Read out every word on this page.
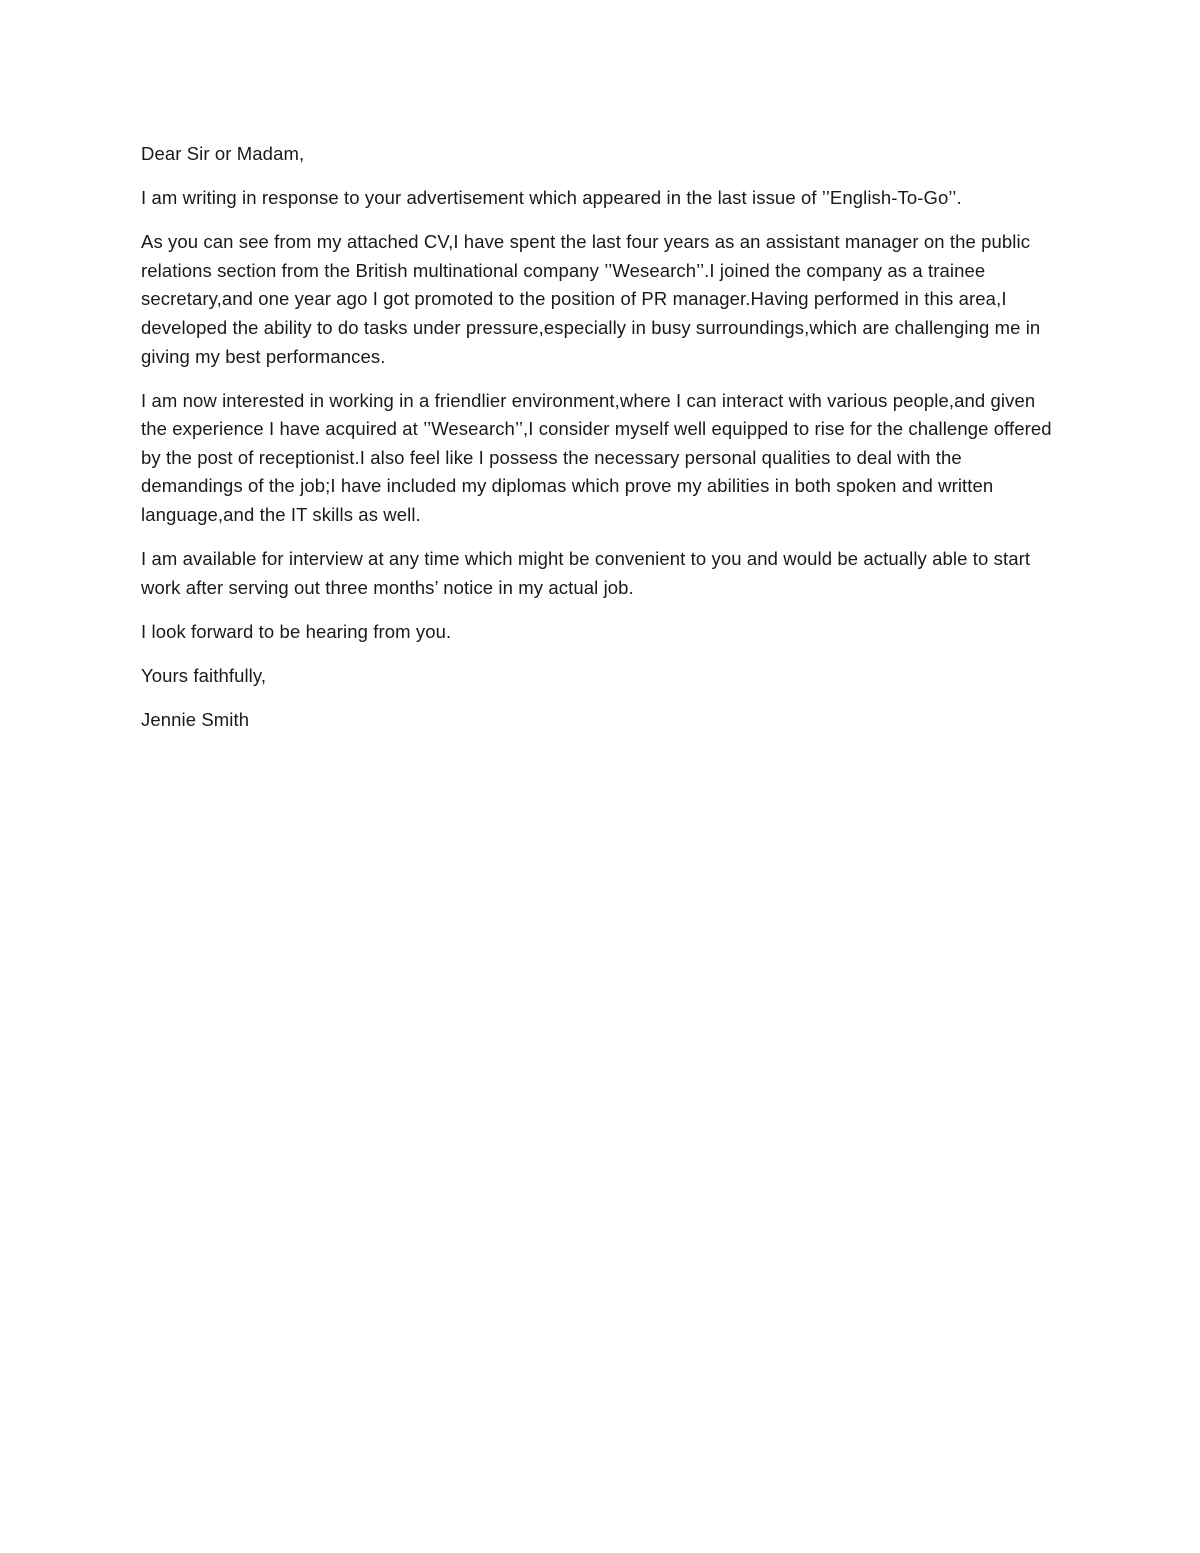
Dear Sir or Madam,

I am writing in response to your advertisement which appeared in the last issue of ’’English-To-Go’’.

As you can see from my attached CV,I have spent the last four years as an assistant manager on the public relations section from the British multinational company ’’Wesearch’’.I joined the company as a trainee secretary,and one year ago I got promoted to the position of PR manager.Having performed in this area,I developed the ability to do tasks under pressure,especially in busy surroundings,which are challenging me in giving my best performances.

I am now interested in working in a friendlier environment,where I can interact with various people,and given the experience I have acquired at ’’Wesearch’’,I consider myself well equipped to rise for the challenge offered by the post of receptionist.I also feel like I possess the necessary personal qualities to deal with the demandings of the job;I have included my diplomas which prove my abilities in both spoken and written language,and the IT skills as well.

I am available for interview at any time which might be convenient to you and would be actually able to start work after serving out three months’ notice in my actual job.

I look forward to be hearing from you.

Yours faithfully,

Jennie Smith
